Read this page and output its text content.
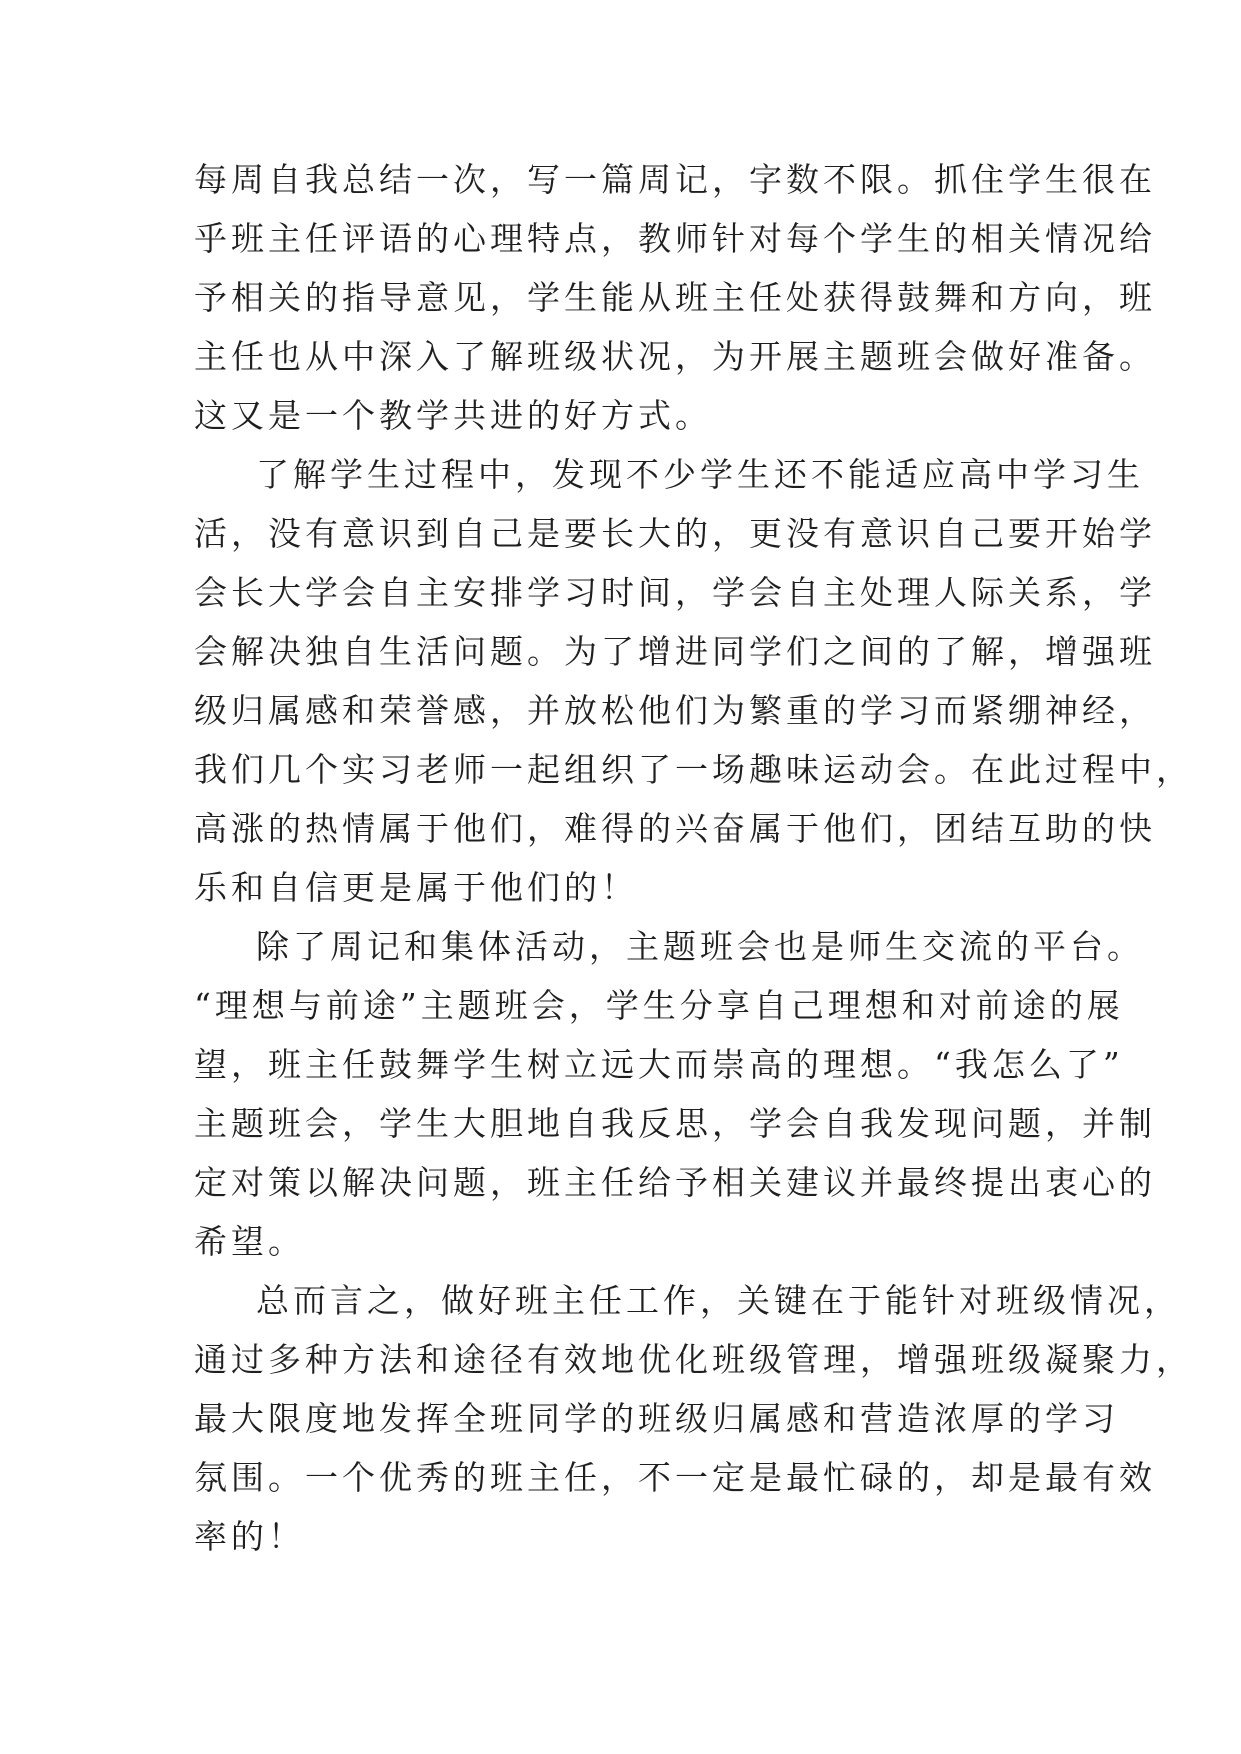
每周自我总结一次，写一篇周记，字数不限。抓住学生很在
乎班主任评语的心理特点，教师针对每个学生的相关情况给
予相关的指导意见，学生能从班主任处获得鼓舞和方向，班
主任也从中深入了解班级状况，为开展主题班会做好准备。
这又是一个教学共进的好方式。
了解学生过程中，发现不少学生还不能适应高中学习生
活，没有意识到自己是要长大的，更没有意识自己要开始学
会长大学会自主安排学习时间，学会自主处理人际关系，学
会解决独自生活问题。为了增进同学们之间的了解，增强班
级归属感和荣誉感，并放松他们为繁重的学习而紧绷神经，
我们几个实习老师一起组织了一场趣味运动会。在此过程中，
高涨的热情属于他们，难得的兴奋属于他们，团结互助的快
乐和自信更是属于他们的！
除了周记和集体活动，主题班会也是师生交流的平台。
“理想与前途”主题班会，学生分享自己理想和对前途的展
望，班主任鼓舞学生树立远大而崇高的理想。“我怎么了”
主题班会，学生大胆地自我反思，学会自我发现问题，并制
定对策以解决问题，班主任给予相关建议并最终提出衷心的
希望。
总而言之，做好班主任工作，关键在于能针对班级情况，
通过多种方法和途径有效地优化班级管理，增强班级凝聚力，
最大限度地发挥全班同学的班级归属感和营造浓厚的学习
氛围。一个优秀的班主任，不一定是最忙碌的，却是最有效
率的！
